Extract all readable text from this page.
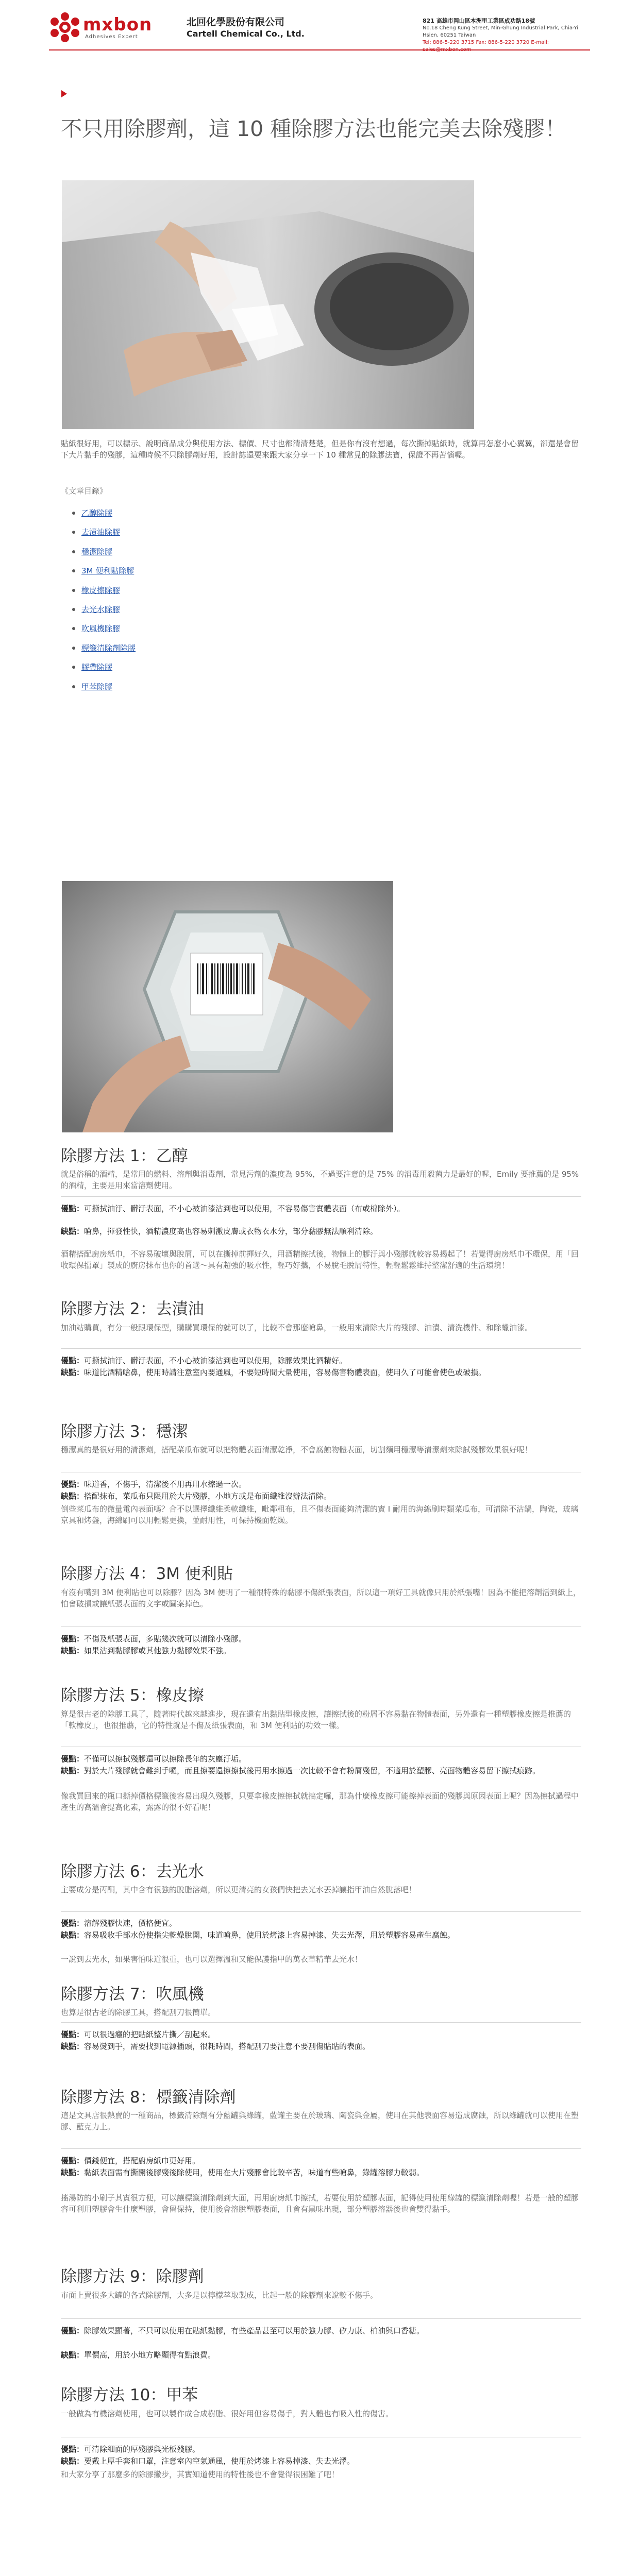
mxbon
Adhesives Expert
北回化學股份有限公司
Cartell Chemical Co., Ltd.
821 高雄市岡山區本洲里工業區成功路18號
No.18 Cheng Kung Street, Min-Ghung Industrial Park, Chia-Yi Hsien, 60251 Taiwan
Tel: 886-5-220 3715 Fax: 886-5-220 3720 E-mail:
不只用除膠劑，這 10 種除膠方法也能完美去除殘膠！

貼紙很好用，可以標示、說明商品成分與使用方法、標價、尺寸也都清清楚楚，但是你有沒有想過，每次撕掉貼紙時，就算再怎麼小心翼翼，卻還是會留下大片黏手的殘膠，這種時候不只除膠劑好用，設計誌還要來跟大家分享一下 10 種常見的除膠法寶，保證不再苦惱喔。

《文章目錄》
乙醇除膠
去漬油除膠
穩潔除膠
3M 便利貼除膠
橡皮擦除膠
去光水除膠
吹風機除膠
標籤清除劑除膠
膠帶除膠
甲苯除膠
除膠方法 1：乙醇

就是俗稱的酒精，是常用的燃料、溶劑與消毒劑，常見污劑的濃度為 95%，不過要注意的是 75% 的消毒用殺菌力是最好的喔，Emily 要推薦的是 95% 的酒精，主要是用來當溶劑使用。

優點：可撕拭油汙、髒汙表面，不小心被油漆沾到也可以使用，不容易傷害實體表面（布或棉除外）。

缺點：嗆鼻，揮發性快，酒精濃度高也容易刺激皮膚或衣物衣水分，部分黏膠無法順利清除。

酒精搭配廚房紙巾，不容易破壞與脫屑，可以在撕掉前揮好久，用酒精擦拭後，物體上的膠汙與小殘膠就較容易揭起了！若覺得廚房紙巾不環保，用「回收環保擋罩」製成的廚房抹布也你的首選～具有超強的吸水性，輕巧好攜，不易脫毛脫屑特性，輕輕鬆鬆維持整潔舒適的生活環境！

除膠方法 2：去漬油

加油站購買，有分一般跟環保型，購購買環保的就可以了，比較不會那麼嗆鼻，一般用來清除大片的殘膠、油漬、清洗機件、和除蠟油漆。

優點：可撕拭油汙、髒汙表面，不小心被油漆沾到也可以使用，除膠效果比酒精好。

缺點：味道比酒精嗆鼻，使用時請注意室內要通風，不要短時間大量使用，容易傷害物體表面，使用久了可能會使色或破損。

除膠方法 3：穩潔

穩潔真的是很好用的清潔劑，搭配菜瓜布就可以把物體表面清潔乾淨，不會腐蝕物體表面，切割麵用穩潔等清潔劑來除試殘膠效果很好呢！

優點：味道香，不傷手，清潔後不用再用水擦過一次。

缺點：搭配抹布，菜瓜布只限用於大片殘膠，小地方或是布面纖維沒辦法清除。

倒些菜瓜布的微量電內表面嗎？合不以選擇纖維柔軟纖維，毗鄰粗布，且不傷表面能夠清潔的實 I 耐用的海綿刷時類菜瓜布，可清除不沾鍋，陶瓷，玻璃京具和烤盤，海綿刷可以用輕鬆更換，並耐用性，可保持機面乾燥。

除膠方法 4：3M 便利貼

有沒有嘴到 3M 便利貼也可以除膠？因為 3M 便明了一種很特殊的黏膠不傷紙張表面，所以這一項好工具就像只用於紙張嘴！因為不能把溶劑活到紙上，怕會破損或讓紙張表面的文字或圖案掉色。

優點：不傷及紙張表面，多貼幾次就可以清除小殘膠。

缺點：如果沾到黏膠膠或其他強力黏膠效果不強。

除膠方法 5：橡皮擦

算是很古老的除膠工具了，隨著時代越來越進步，現在還有出黏貼型橡皮擦，讓擦拭後的粉屑不容易黏在物體表面，另外還有一種塑膠橡皮擦是推薦的「軟橡皮」，也很推薦，它的特性就是不傷及紙張表面，和 3M 便利貼的功效一樣。

優點：不僅可以擦拭殘膠還可以擦除長年的灰塵汙垢。

缺點：對於大片殘膠就會難到手囉，而且擦要還擦擦拭後再用水擦過一次比較不會有粉屑殘留，不適用於塑膠、亮面物體容易留下擦拭痕跡。

像我買回來的瓶口撕掉價格標籤後容易出現久殘膠，只要拿橡皮擦擦拭就搞定囉，那為什麼橡皮擦可能擦掉表面的殘膠與原因表面上呢？因為擦拭過程中產生的高溫會提高化素，露露的很不好看呢！

除膠方法 6：去光水

主要成分是丙酮，其中含有很強的脫脂溶劑，所以更清亮的女孩們快把去光水丟掉讓指甲油自然脫落吧！

優點：溶解殘膠快速，價格便宜。

缺點：容易吸收手部水份使指尖乾燥脫開，味道嗆鼻，使用於烤漆上容易掉漆、失去光澤，用於塑膠容易產生腐蝕。

一說到去光水，如果害怕味道很重，也可以選擇溫和又能保護指甲的萬衣草精華去光水！

除膠方法 7：吹風機

也算是很古老的除膠工具，搭配刮刀很簡單。

優點：可以很過癮的把貼紙整片撕／刮起來。

缺點：容易燙到手，需要找到電源插頭，很耗時間，搭配刮刀要注意不要刮傷貼貼的表面。

除膠方法 8：標籤清除劑

這是文具店很熱賣的一種商品，標籤清除劑有分藍罐與綠罐，藍罐主要在於玻璃、陶瓷與金屬，使用在其他表面容易造成腐蝕，所以綠罐就可以使用在塑膠、藍克力上。

優點：價錢便宜，搭配廚房紙巾更好用。

缺點：黏紙表面需有撕開後膠殘後除使用，使用在大片殘膠會比較辛苦，味道有些嗆鼻，錄罐溶膠力較弱。

搖湯防的小刷子其實很方便，可以讓標籤清除劑到大面，再用廚房紙巾擦拭，若要使用於塑膠表面，記得使用使用綠罐的標籤清除劑喔！若是一般的塑膠容可利用塑膠會生什麼塑膠，會留保持，使用後會溶脫塑膠表面，且會有黑味出現，部分塑膠溶器後也會雙得黏手。

除膠方法 9：除膠劑

市面上賣很多大罐的各式除膠劑，大多是以檸檬萃取製成，比起一般的除膠劑來說較不傷手。

優點：除膠效果顯著，不只可以使用在貼紙黏膠，有些產品甚至可以用於強力膠、矽力康、柏油與口香糖。

缺點：單價高，用於小地方略顯得有點浪費。

除膠方法 10：甲苯

一般做為有機溶劑使用，也可以製作成合成樹脂、很好用但容易傷手，對人體也有吸入性的傷害。

優點：可清除細面的厚殘膠與光板殘膠。

缺點：要戴上厚手套和口罩，注意室內空氣通風，使用於烤漆上容易掉漆、失去光澤。

和大家分享了那麼多的除膠撇步，其實知道使用的特性後也不會覺得很困難了吧！
